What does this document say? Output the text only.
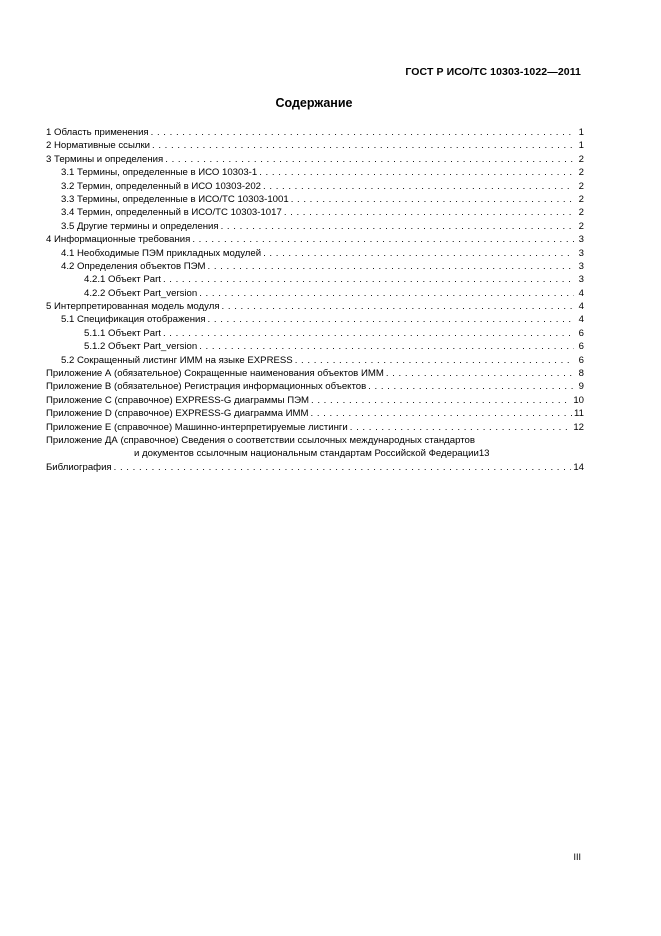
ГОСТ Р ИСО/ТС 10303-1022—2011
Содержание
1 Область применения . . .	1
2 Нормативные ссылки . . .	1
3 Термины и определения . . .	2
3.1 Термины, определенные в ИСО 10303-1 . . .	2
3.2 Термин, определенный в ИСО 10303-202 . . .	2
3.3 Термины, определенные в ИСО/ТС 10303-1001 . . .	2
3.4 Термин, определенный в ИСО/ТС 10303-1017 . . .	2
3.5 Другие термины и определения . . .	2
4 Информационные требования . . .	3
4.1 Необходимые ПЭМ прикладных модулей . . .	3
4.2 Определения объектов ПЭМ . . .	3
4.2.1 Объект Part . . .	3
4.2.2 Объект Part_version . . .	4
5 Интерпретированная модель модуля . . .	4
5.1 Спецификация отображения . . .	4
5.1.1 Объект Part . . .	6
5.1.2 Объект Part_version . . .	6
5.2 Сокращенный листинг ИММ на языке EXPRESS . . .	6
Приложение А (обязательное) Сокращенные наименования объектов ИММ . . .	8
Приложение В (обязательное) Регистрация информационных объектов . . .	9
Приложение С (справочное) EXPRESS-G диаграммы ПЭМ . . .	10
Приложение D (справочное) EXPRESS-G диаграмма ИММ . . .	11
Приложение E (справочное) Машинно-интерпретируемые листинги . . .	12
Приложение ДА (справочное) Сведения о соответствии ссылочных международных стандартов
и документов ссылочным национальным стандартам Российской Федерации 13
Библиография . . .	14
III
